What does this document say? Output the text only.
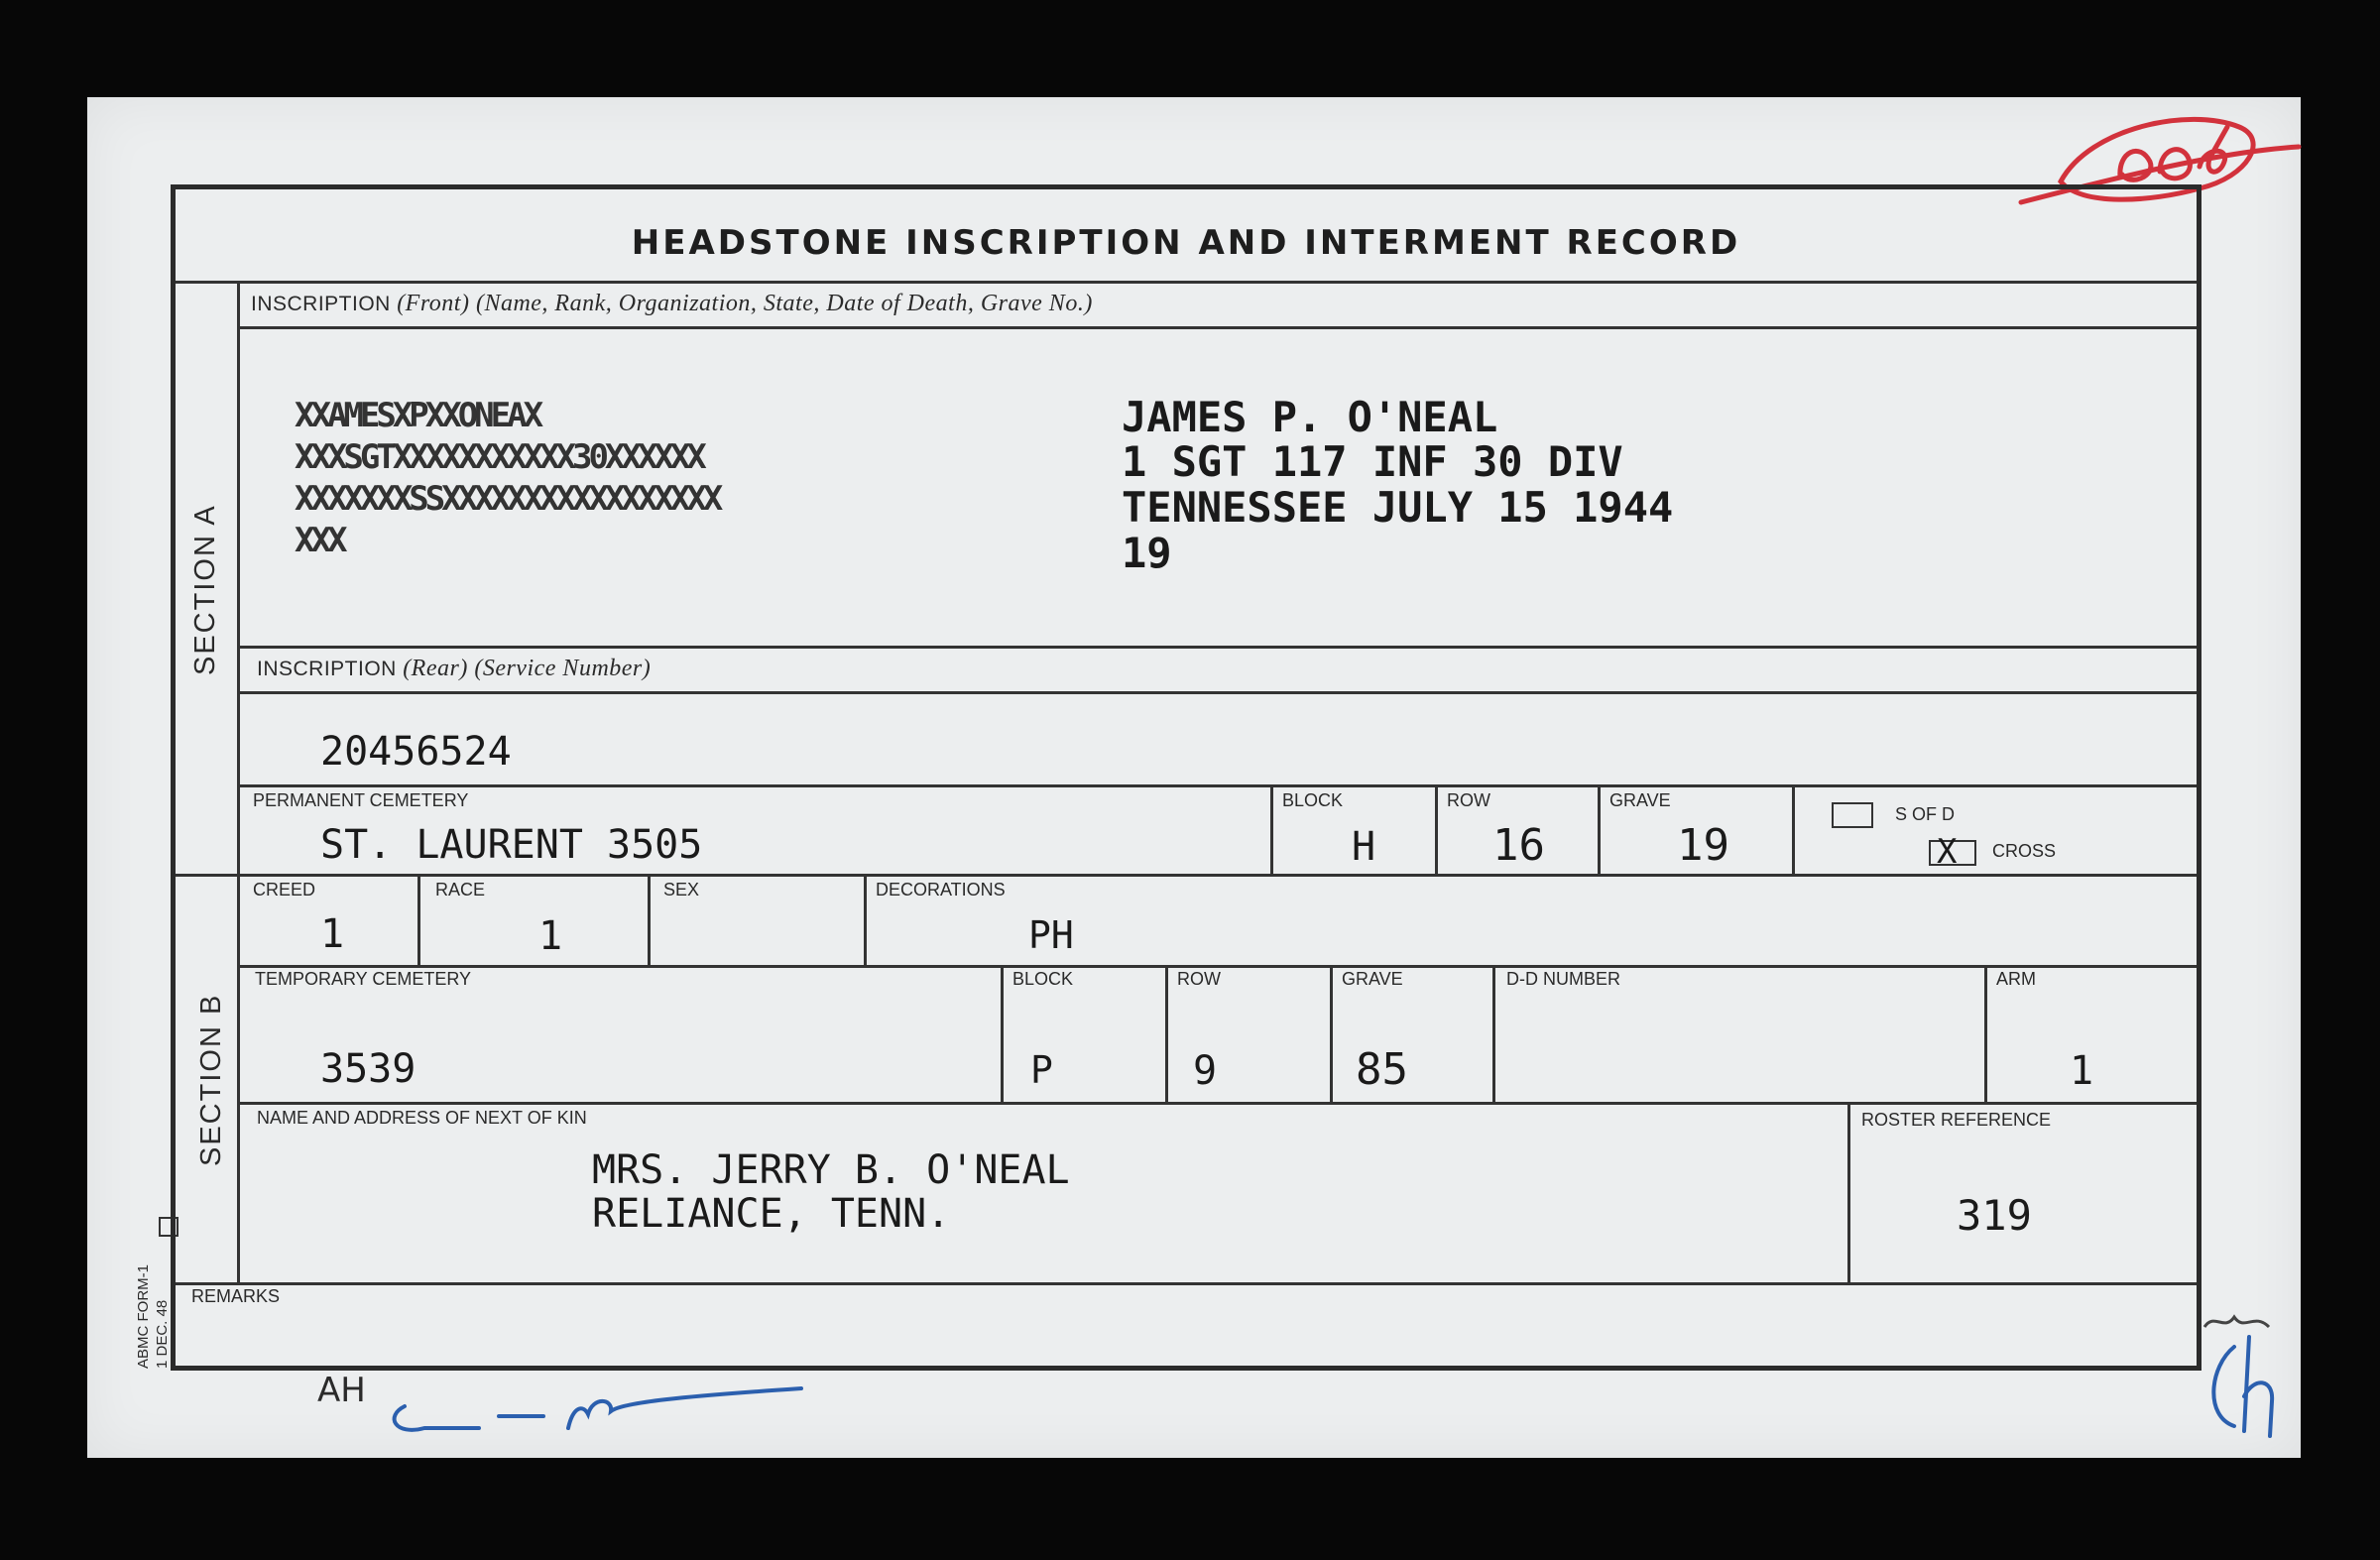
AH
ABMC FORM-1 1 DEC. 48
HEADSTONE INSCRIPTION AND INTERMENT RECORD
SECTION A
SECTION B
INSCRIPTION (Front) (Name, Rank, Organization, State, Date of Death, Grave No.)
XXAMESXPXXONEAX
XXXSGTXXXXXXXXXXX30XXXXXX
XXXXXXXSSXXXXXXXXXXXXXXXXX
XXX
JAMES P. O'NEAL
1 SGT 117 INF 30 DIV
TENNESSEE JULY 15 1944
19
INSCRIPTION (Rear) (Service Number)
20456524
PERMANENT CEMETERY
ST. LAURENT 3505
BLOCK
H
ROW
16
GRAVE
19
S OF D
X CROSS
CREED
1
RACE
1
SEX	DECORATIONS
PH
TEMPORARY CEMETERY
3539
BLOCK
P
ROW
9
GRAVE
85
D-D NUMBER	ARM
1
NAME AND ADDRESS OF NEXT OF KIN
MRS. JERRY B. O'NEAL
RELIANCE, TENN.
ROSTER REFERENCE
319
REMARKS
